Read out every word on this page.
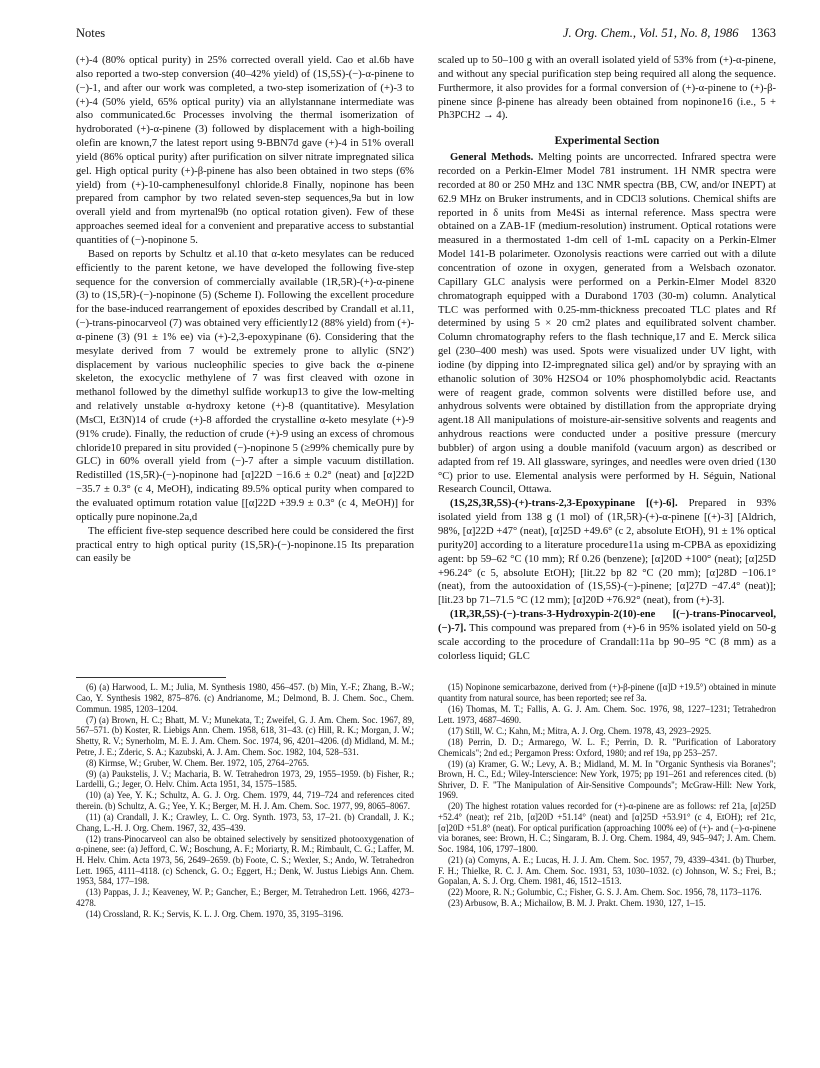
Notes	J. Org. Chem., Vol. 51, No. 8, 1986 1363

(+)-4 (80% optical purity) in 25% corrected overall yield. Cao et al.6b have also reported a two-step conversion (40–42% yield) of (1S,5S)-(−)-α-pinene to (−)-1, and after our work was completed, a two-step isomerization of (+)-3 to (+)-4 (50% yield, 65% optical purity) via an allylstannane intermediate was also communicated.6c Processes involving the thermal isomerization of hydroborated (+)-α-pinene (3) followed by displacement with a high-boiling olefin are known,7 the latest report using 9-BBN7d gave (+)-4 in 51% overall yield (86% optical purity) after purification on silver nitrate impregnated silica gel. High optical purity (+)-β-pinene has also been obtained in two steps (6% yield) from (+)-10-camphenesulfonyl chloride.8 Finally, nopinone has been prepared from camphor by two related seven-step sequences,9a but in low overall yield and from myrtenal9b (no optical rotation given). Few of these approaches seemed ideal for a convenient and preparative access to substantial quantities of (−)-nopinone 5.

Based on reports by Schultz et al.10 that α-keto mesylates can be reduced efficiently to the parent ketone, we have developed the following five-step sequence for the conversion of commercially available (1R,5R)-(+)-α-pinene (3) to (1S,5R)-(−)-nopinone (5) (Scheme I). Following the excellent procedure for the base-induced rearrangement of epoxides described by Crandall et al.11, (−)-trans-pinocarveol (7) was obtained very efficiently12 (88% yield) from (+)-α-pinene (3) (91 ± 1% ee) via (+)-2,3-epoxypinane (6). Considering that the mesylate derived from 7 would be extremely prone to allylic (SN2′) displacement by various nucleophilic species to give back the α-pinene skeleton, the exocyclic methylene of 7 was first cleaved with ozone in methanol followed by the dimethyl sulfide workup13 to give the low-melting and relatively unstable α-hydroxy ketone (+)-8 (quantitative). Mesylation (MsCl, Et3N)14 of crude (+)-8 afforded the crystalline α-keto mesylate (+)-9 (91% crude). Finally, the reduction of crude (+)-9 using an excess of chromous chloride10 prepared in situ provided (−)-nopinone 5 (≥99% chemically pure by GLC) in 60% overall yield from (−)-7 after a simple vacuum distillation. Redistilled (1S,5R)-(−)-nopinone had [α]22D −16.6 ± 0.2° (neat) and [α]22D −35.7 ± 0.3° (c 4, MeOH), indicating 89.5% optical purity when compared to the evaluated optimum rotation value [[α]22D +39.9 ± 0.3° (c 4, MeOH)] for optically pure nopinone.2a,d

The efficient five-step sequence described here could be considered the first practical entry to high optical purity (1S,5R)-(−)-nopinone.15 Its preparation can easily be

scaled up to 50–100 g with an overall isolated yield of 53% from (+)-α-pinene, and without any special purification step being required all along the sequence. Furthermore, it also provides for a formal conversion of (+)-α-pinene to (+)-β-pinene since β-pinene has already been obtained from nopinone16 (i.e., 5 + Ph3PCH2 → 4).

Experimental Section

General Methods. Melting points are uncorrected. Infrared spectra were recorded on a Perkin-Elmer Model 781 instrument. 1H NMR spectra were recorded at 80 or 250 MHz and 13C NMR spectra (BB, CW, and/or INEPT) at 62.9 MHz on Bruker instruments, and in CDCl3 solutions. Chemical shifts are reported in δ units from Me4Si as internal reference. Mass spectra were obtained on a ZAB-1F (medium-resolution) instrument. Optical rotations were measured in a thermostated 1-dm cell of 1-mL capacity on a Perkin-Elmer Model 141-B polarimeter. Ozonolysis reactions were carried out with a dilute concentration of ozone in oxygen, generated from a Welsbach ozonator. Capillary GLC analysis were performed on a Perkin-Elmer Model 8320 chromatograph equipped with a Durabond 1703 (30-m) column. Analytical TLC was performed with 0.25-mm-thickness precoated TLC plates and Rf determined by using 5 × 20 cm2 plates and equilibrated solvent chamber. Column chromatography refers to the flash technique,17 and E. Merck silica gel (230–400 mesh) was used. Spots were visualized under UV light, with iodine (by dipping into I2-impregnated silica gel) and/or by spraying with an ethanolic solution of 30% H2SO4 or 10% phosphomolybdic acid. Reactants were of reagent grade, common solvents were distilled before use, and anhydrous solvents were obtained by distillation from the appropriate drying agent.18 All manipulations of moisture-air-sensitive solvents and reagents and anhydrous reactions were conducted under a positive pressure (mercury bubbler) of argon using a double manifold (vacuum argon) as described or adapted from ref 19. All glassware, syringes, and needles were oven dried (130 °C) prior to use. Elemental analysis were performed by H. Séguin, National Research Council, Ottawa.

(1S,2S,3R,5S)-(+)-trans-2,3-Epoxypinane [(+)-6]. Prepared in 93% isolated yield from 138 g (1 mol) of (1R,5R)-(+)-α-pinene [(+)-3] [Aldrich, 98%, [α]22D +47° (neat), [α]25D +49.6° (c 2, absolute EtOH), 91 ± 1% optical purity20] according to a literature procedure11a using m-CPBA as epoxidizing agent: bp 59–62 °C (10 mm); Rf 0.26 (benzene); [α]20D +100° (neat); [α]25D +96.24° (c 5, absolute EtOH); [lit.22 bp 82 °C (20 mm); [α]28D −106.1° (neat), from the autooxidation of (1S,5S)-(−)-pinene; [α]27D −47.4° (neat)]; [lit.23 bp 71–71.5 °C (12 mm); [α]20D +76.92° (neat), from (+)-3].

(1R,3R,5S)-(−)-trans-3-Hydroxypin-2(10)-ene [(−)-trans-Pinocarveol, (−)-7]. This compound was prepared from (+)-6 in 95% isolated yield on 50-g scale according to the procedure of Crandall:11a bp 90–95 °C (8 mm) as a colorless liquid; GLC

(6) (a) Harwood, L. M.; Julia, M. Synthesis 1980, 456–457. (b) Min, Y.-F.; Zhang, B.-W.; Cao, Y. Synthesis 1982, 875–876. (c) Andrianome, M.; Delmond, B. J. Chem. Soc., Chem. Commun. 1985, 1203–1204.

(7) (a) Brown, H. C.; Bhatt, M. V.; Munekata, T.; Zweifel, G. J. Am. Chem. Soc. 1967, 89, 567–571. (b) Koster, R. Liebigs Ann. Chem. 1958, 618, 31–43. (c) Hill, R. K.; Morgan, J. W.; Shetty, R. V.; Synerholm, M. E. J. Am. Chem. Soc. 1974, 96, 4201–4206. (d) Midland, M. M.; Petre, J. E.; Zderic, S. A.; Kazubski, A. J. Am. Chem. Soc. 1982, 104, 528–531.

(8) Kirmse, W.; Gruber, W. Chem. Ber. 1972, 105, 2764–2765.

(9) (a) Paukstelis, J. V.; Macharia, B. W. Tetrahedron 1973, 29, 1955–1959. (b) Fisher, R.; Lardelli, G.; Jeger, O. Helv. Chim. Acta 1951, 34, 1575–1585.

(10) (a) Yee, Y. K.; Schultz, A. G. J. Org. Chem. 1979, 44, 719–724 and references cited therein. (b) Schultz, A. G.; Yee, Y. K.; Berger, M. H. J. Am. Chem. Soc. 1977, 99, 8065–8067.

(11) (a) Crandall, J. K.; Crawley, L. C. Org. Synth. 1973, 53, 17–21. (b) Crandall, J. K.; Chang, L.-H. J. Org. Chem. 1967, 32, 435–439.

(12) trans-Pinocarveol can also be obtained selectively by sensitized photooxygenation of α-pinene, see: (a) Jefford, C. W.; Boschung, A. F.; Moriarty, R. M.; Rimbault, C. G.; Laffer, M. H. Helv. Chim. Acta 1973, 56, 2649–2659. (b) Foote, C. S.; Wexler, S.; Ando, W. Tetrahedron Lett. 1965, 4111–4118. (c) Schenck, G. O.; Eggert, H.; Denk, W. Justus Liebigs Ann. Chem. 1953, 584, 177–198.

(13) Pappas, J. J.; Keaveney, W. P.; Gancher, E.; Berger, M. Tetrahedron Lett. 1966, 4273–4278.

(14) Crossland, R. K.; Servis, K. L. J. Org. Chem. 1970, 35, 3195–3196.

(15) Nopinone semicarbazone, derived from (+)-β-pinene ([α]D +19.5°) obtained in minute quantity from natural source, has been reported; see ref 3a.

(16) Thomas, M. T.; Fallis, A. G. J. Am. Chem. Soc. 1976, 98, 1227–1231; Tetrahedron Lett. 1973, 4687–4690.

(17) Still, W. C.; Kahn, M.; Mitra, A. J. Org. Chem. 1978, 43, 2923–2925.

(18) Perrin, D. D.; Armarego, W. L. F.; Perrin, D. R. "Purification of Laboratory Chemicals"; 2nd ed.; Pergamon Press: Oxford, 1980; and ref 19a, pp 253–257.

(19) (a) Kramer, G. W.; Levy, A. B.; Midland, M. M. In "Organic Synthesis via Boranes"; Brown, H. C., Ed.; Wiley-Interscience: New York, 1975; pp 191–261 and references cited. (b) Shriver, D. F. "The Manipulation of Air-Sensitive Compounds"; McGraw-Hill: New York, 1969.

(20) The highest rotation values recorded for (+)-α-pinene are as follows: ref 21a, [α]25D +52.4° (neat); ref 21b, [α]20D +51.14° (neat) and [α]25D +53.91° (c 4, EtOH); ref 21c, [α]20D +51.8° (neat). For optical purification (approaching 100% ee) of (+)- and (−)-α-pinene via boranes, see: Brown, H. C.; Singaram, B. J. Org. Chem. 1984, 49, 945–947; J. Am. Chem. Soc. 1984, 106, 1797–1800.

(21) (a) Comyns, A. E.; Lucas, H. J. J. Am. Chem. Soc. 1957, 79, 4339–4341. (b) Thurber, F. H.; Thielke, R. C. J. Am. Chem. Soc. 1931, 53, 1030–1032. (c) Johnson, W. S.; Frei, B.; Gopalan, A. S. J. Org. Chem. 1981, 46, 1512–1513.

(22) Moore, R. N.; Golumbic, C.; Fisher, G. S. J. Am. Chem. Soc. 1956, 78, 1173–1176.

(23) Arbusow, B. A.; Michailow, B. M. J. Prakt. Chem. 1930, 127, 1–15.
